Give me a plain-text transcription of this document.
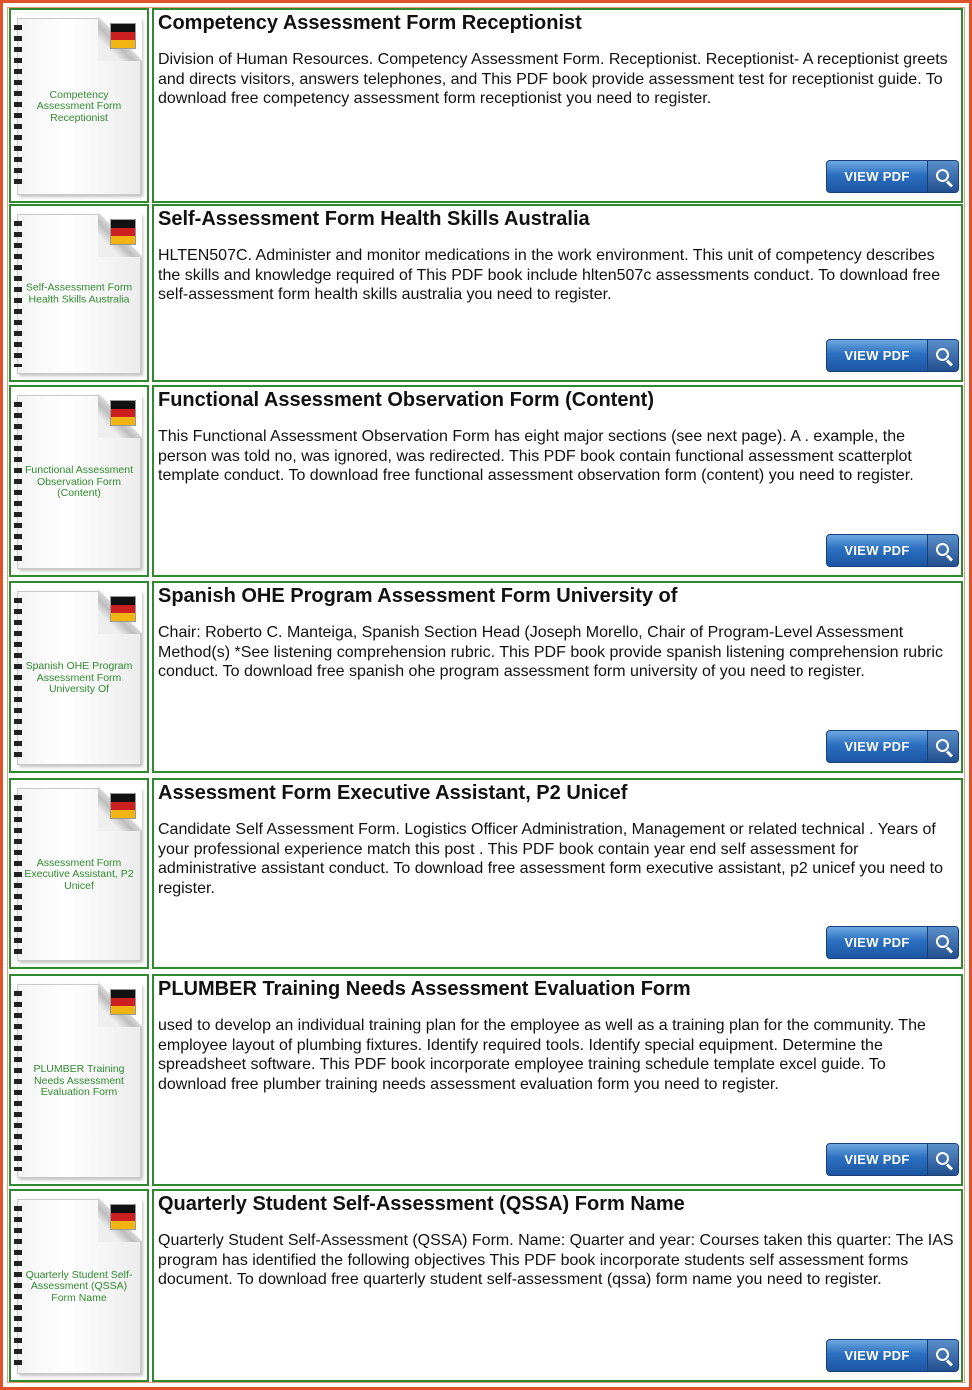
Competency Assessment Form Receptionist
Competency Assessment Form Receptionist
Division of Human Resources. Competency Assessment Form. Receptionist. Receptionist- A receptionist greets and directs visitors, answers telephones, and This PDF book provide assessment test for receptionist guide. To download free competency assessment form receptionist you need to register.
VIEW PDF
Self-Assessment Form Health Skills Australia
Self-Assessment Form Health Skills Australia
HLTEN507C. Administer and monitor medications in the work environment. This unit of competency describes the skills and knowledge required of This PDF book include hlten507c assessments conduct. To download free self-assessment form health skills australia you need to register.
VIEW PDF
Functional Assessment Observation Form (Content)
Functional Assessment Observation Form (Content)
This Functional Assessment Observation Form has eight major sections (see next page). A . example, the person was told no, was ignored, was redirected. This PDF book contain functional assessment scatterplot template conduct. To download free functional assessment observation form (content) you need to register.
VIEW PDF
Spanish OHE Program Assessment Form University Of
Spanish OHE Program Assessment Form University of
Chair: Roberto C. Manteiga, Spanish Section Head (Joseph Morello, Chair of Program-Level Assessment Method(s) *See listening comprehension rubric. This PDF book provide spanish listening comprehension rubric conduct. To download free spanish ohe program assessment form university of you need to register.
VIEW PDF
Assessment Form Executive Assistant, P2 Unicef
Assessment Form Executive Assistant, P2 Unicef
Candidate Self Assessment Form. Logistics Officer Administration, Management or related technical . Years of your professional experience match this post . This PDF book contain year end self assessment for administrative assistant conduct. To download free assessment form executive assistant, p2 unicef you need to register.
VIEW PDF
PLUMBER Training Needs Assessment Evaluation Form
PLUMBER Training Needs Assessment Evaluation Form
used to develop an individual training plan for the employee as well as a training plan for the community. The employee layout of plumbing fixtures. Identify required tools. Identify special equipment. Determine the spreadsheet software. This PDF book incorporate employee training schedule template excel guide. To download free plumber training needs assessment evaluation form you need to register.
VIEW PDF
Quarterly Student Self-Assessment (QSSA) Form Name
Quarterly Student Self-Assessment (QSSA) Form Name
Quarterly Student Self-Assessment (QSSA) Form. Name: Quarter and year: Courses taken this quarter: The IAS program has identified the following objectives This PDF book incorporate students self assessment forms document. To download free quarterly student self-assessment (qssa) form name you need to register.
VIEW PDF
